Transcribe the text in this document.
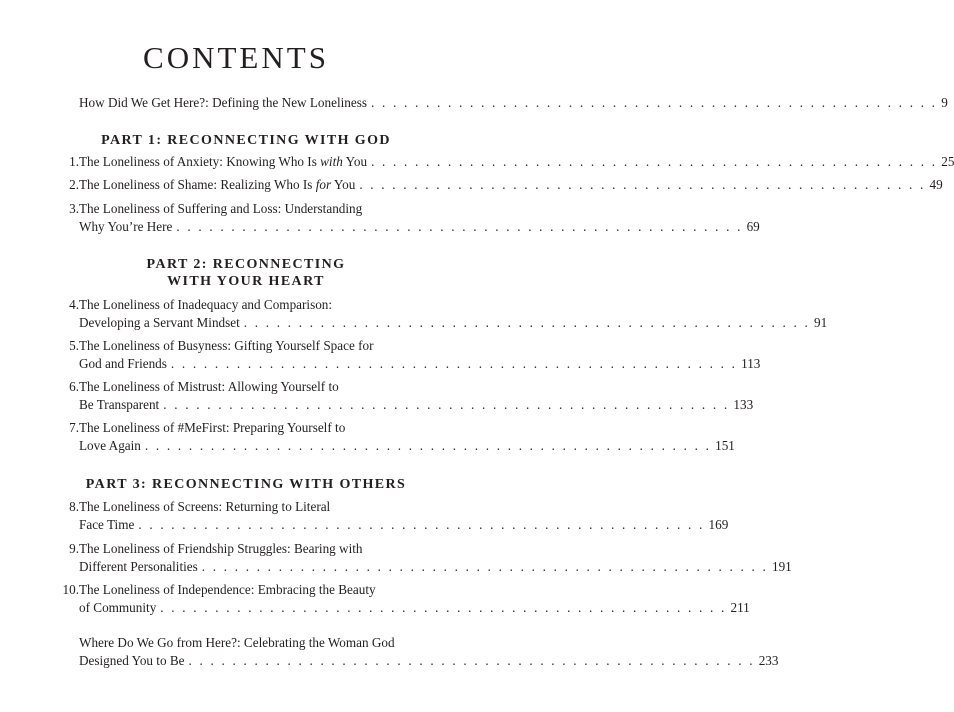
CONTENTS
How Did We Get Here?: Defining the New Loneliness . . . . . . . . . . . . . . . . . . . . . . . . . . . . . . . . . . . . . . . . . . . . . . . . . . . . 9
PART 1: RECONNECTING WITH GOD
1. The Loneliness of Anxiety: Knowing Who Is with You . . . . . . . . . . . . . . . . . . . . . . . . . . . . . . . . . . . . . . . . . . . . . . . . . . . . 25
2. The Loneliness of Shame: Realizing Who Is for You . . . . . . . . . . . . . . . . . . . . . . . . . . . . . . . . . . . . . . . . . . . . . . . . . . . . 49
3. The Loneliness of Suffering and Loss: Understanding
Why You’re Here . . . . . . . . . . . . . . . . . . . . . . . . . . . . . . . . . . . . . . . . . . . . . . . . . . . . 69
PART 2: RECONNECTING
WITH YOUR HEART
4. The Loneliness of Inadequacy and Comparison:
Developing a Servant Mindset . . . . . . . . . . . . . . . . . . . . . . . . . . . . . . . . . . . . . . . . . . . . . . . . . . . . 91
5. The Loneliness of Busyness: Gifting Yourself Space for
God and Friends . . . . . . . . . . . . . . . . . . . . . . . . . . . . . . . . . . . . . . . . . . . . . . . . . . . . 113
6. The Loneliness of Mistrust: Allowing Yourself to
Be Transparent . . . . . . . . . . . . . . . . . . . . . . . . . . . . . . . . . . . . . . . . . . . . . . . . . . . . 133
7. The Loneliness of #MeFirst: Preparing Yourself to
Love Again . . . . . . . . . . . . . . . . . . . . . . . . . . . . . . . . . . . . . . . . . . . . . . . . . . . . 151
PART 3: RECONNECTING WITH OTHERS
8. The Loneliness of Screens: Returning to Literal
Face Time . . . . . . . . . . . . . . . . . . . . . . . . . . . . . . . . . . . . . . . . . . . . . . . . . . . . 169
9. The Loneliness of Friendship Struggles: Bearing with
Different Personalities . . . . . . . . . . . . . . . . . . . . . . . . . . . . . . . . . . . . . . . . . . . . . . . . . . . . 191
10. The Loneliness of Independence: Embracing the Beauty
of Community . . . . . . . . . . . . . . . . . . . . . . . . . . . . . . . . . . . . . . . . . . . . . . . . . . . . 211
Where Do We Go from Here?: Celebrating the Woman God
Designed You to Be . . . . . . . . . . . . . . . . . . . . . . . . . . . . . . . . . . . . . . . . . . . . . . . . . . . . 233
